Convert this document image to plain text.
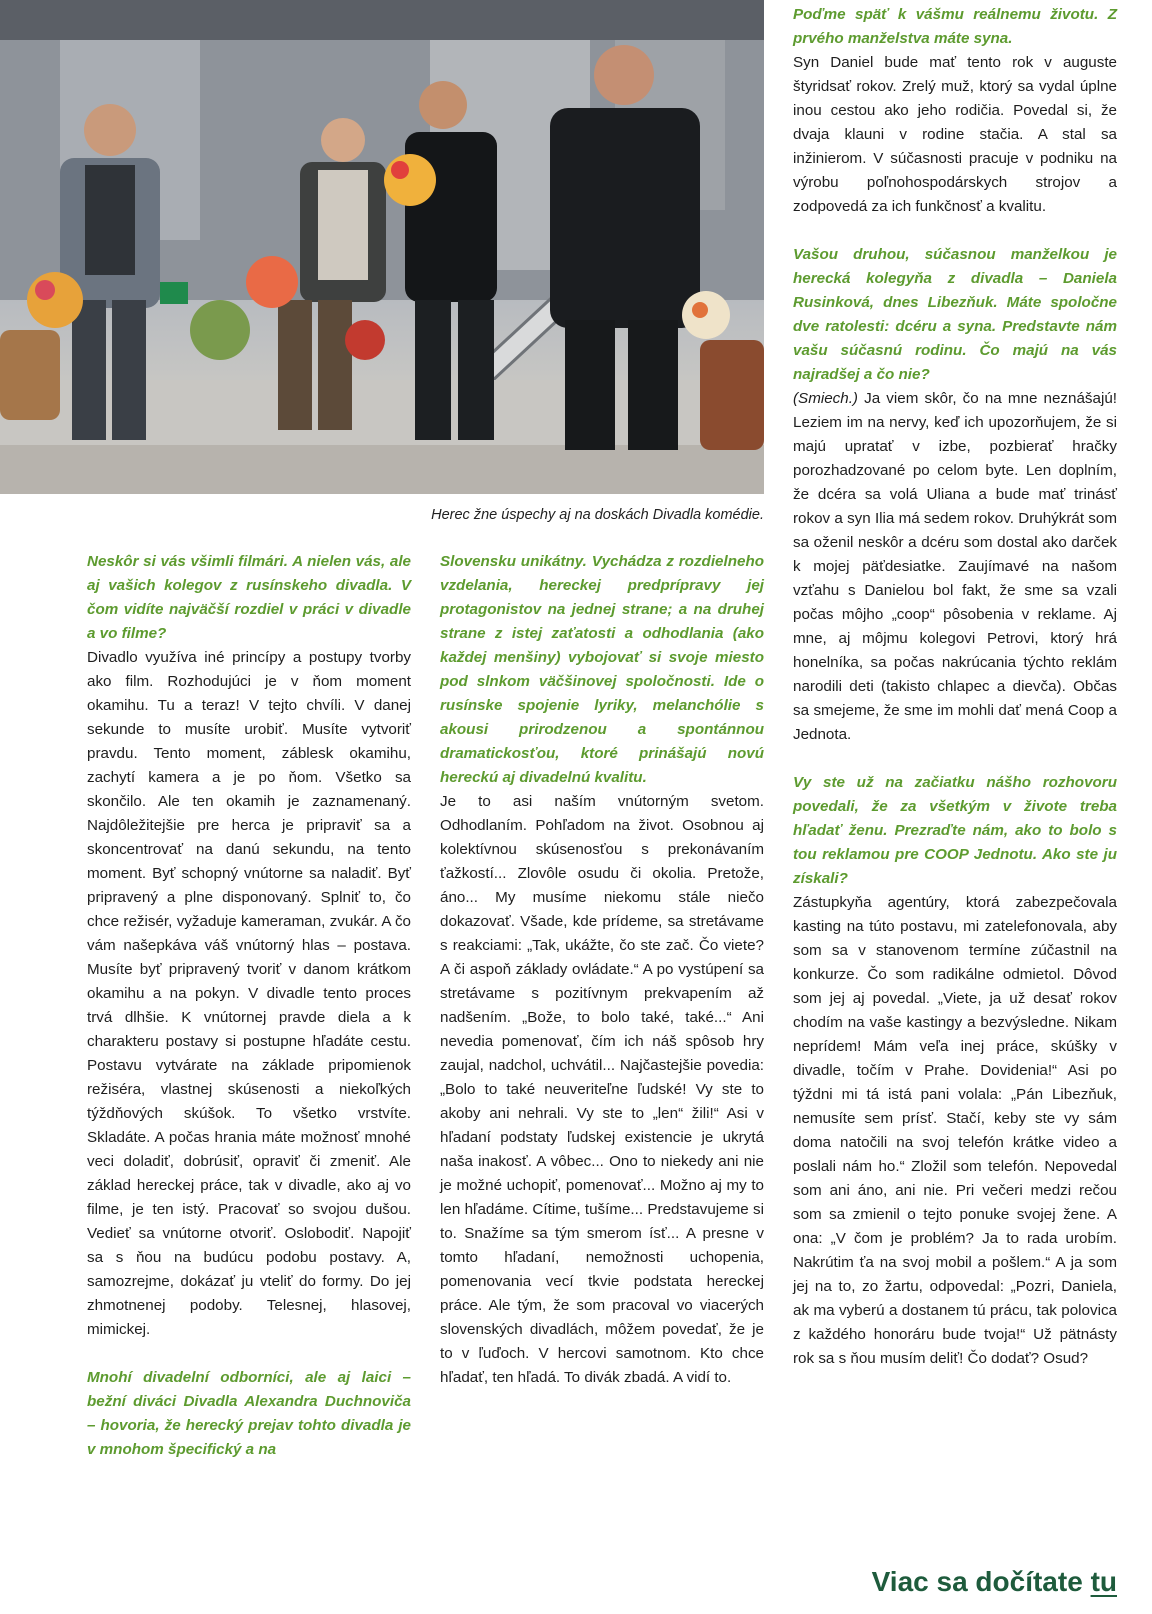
Herec žne úspechy aj na doskách Divadla komédie.

Neskôr si vás všimli filmári. A nielen vás, ale aj vašich kolegov z rusínskeho divadla. V čom vidíte najväčší rozdiel v práci v divadle a vo filme?

Divadlo využíva iné princípy a postupy tvorby ako film. Rozhodujúci je v ňom moment okamihu. Tu a teraz! V tejto chvíli. V danej sekunde to musíte urobiť. Musíte vytvoriť pravdu. Tento moment, záblesk okamihu, zachytí kamera a je po ňom. Všetko sa skončilo. Ale ten okamih je zaznamenaný. Najdôležitejšie pre herca je pripraviť sa a skoncentrovať na danú sekundu, na tento moment. Byť schopný vnútorne sa naladiť. Byť pripravený a plne disponovaný. Splniť to, čo chce režisér, vyžaduje kameraman, zvukár. A čo vám našepkáva váš vnútorný hlas – postava. Musíte byť pripravený tvoriť v danom krátkom okamihu a na pokyn. V divadle tento proces trvá dlhšie. K vnútornej pravde diela a k charakteru postavy si postupne hľadáte cestu. Postavu vytvárate na základe pripomienok režiséra, vlastnej skúsenosti a niekoľkých týždňových skúšok. To všetko vrstvíte. Skladáte. A počas hrania máte možnosť mnohé veci doladiť, dobrúsiť, opraviť či zmeniť. Ale základ hereckej práce, tak v divadle, ako aj vo filme, je ten istý. Pracovať so svojou dušou. Vedieť sa vnútorne otvoriť. Oslobodiť. Napojiť sa s ňou na budúcu podobu postavy. A, samozrejme, dokázať ju vteliť do formy. Do jej zhmotnenej podoby. Telesnej, hlasovej, mimickej.

Mnohí divadelní odborníci, ale aj laici – bežní diváci Divadla Alexandra Duchnoviča – hovoria, že herecký prejav tohto divadla je v mnohom špecifický a na

Slovensku unikátny. Vychádza z rozdielneho vzdelania, hereckej predprípravy jej protagonistov na jednej strane; a na druhej strane z istej zaťatosti a odhodlania (ako každej menšiny) vybojovať si svoje miesto pod slnkom väčšinovej spoločnosti. Ide o rusínske spojenie lyriky, melanchólie s akousi prirodzenou a spontánnou dramatickosťou, ktoré prinášajú novú hereckú aj divadelnú kvalitu.

Je to asi naším vnútorným svetom. Odhodlaním. Pohľadom na život. Osobnou aj kolektívnou skúsenosťou s prekonávaním ťažkostí... Zlovôle osudu či okolia. Pretože, áno... My musíme niekomu stále niečo dokazovať. Všade, kde prídeme, sa stretávame s reakciami: „Tak, ukážte, čo ste zač. Čo viete? A či aspoň základy ovládate.“ A po vystúpení sa stretávame s pozitívnym prekvapením až nadšením. „Bože, to bolo také, také...“ Ani nevedia pomenovať, čím ich náš spôsob hry zaujal, nadchol, uchvátil... Najčastejšie povedia: „Bolo to také neuveriteľne ľudské! Vy ste to akoby ani nehrali. Vy ste to „len“ žili!“ Asi v hľadaní podstaty ľudskej existencie je ukrytá naša inakosť. A vôbec... Ono to niekedy ani nie je možné uchopiť, pomenovať... Možno aj my to len hľadáme. Cítime, tušíme... Predstavujeme si to. Snažíme sa tým smerom ísť... A presne v tomto hľadaní, nemožnosti uchopenia, pomenovania vecí tkvie podstata hereckej práce. Ale tým, že som pracoval vo viacerých slovenských divadlách, môžem povedať, že je to v ľuďoch. V hercovi samotnom. Kto chce hľadať, ten hľadá. To divák zbadá. A vidí to.

Poďme späť k vášmu reálnemu životu. Z prvého manželstva máte syna.

Syn Daniel bude mať tento rok v auguste štyridsať rokov. Zrelý muž, ktorý sa vydal úplne inou cestou ako jeho rodičia. Povedal si, že dvaja klauni v rodine stačia. A stal sa inžinierom. V súčasnosti pracuje v podniku na výrobu poľnohospodárskych strojov a zodpovedá za ich funkčnosť a kvalitu.

Vašou druhou, súčasnou manželkou je herecká kolegyňa z divadla – Daniela Rusinková, dnes Libezňuk. Máte spoločne dve ratolesti: dcéru a syna. Predstavte nám vašu súčasnú rodinu. Čo majú na vás najradšej a čo nie?

(Smiech.) Ja viem skôr, čo na mne neznášajú! Leziem im na nervy, keď ich upozorňujem, že si majú upratať v izbe, pozbierať hračky porozhadzované po celom byte. Len doplním, že dcéra sa volá Uliana a bude mať trinásť rokov a syn Ilia má sedem rokov. Druhýkrát som sa oženil neskôr a dcéru som dostal ako darček k mojej päťdesiatke. Zaujímavé na našom vzťahu s Danielou bol fakt, že sme sa vzali počas môjho „coop“ pôsobenia v reklame. Aj mne, aj môjmu kolegovi Petrovi, ktorý hrá honelníka, sa počas nakrúcania týchto reklám narodili deti (takisto chlapec a dievča). Občas sa smejeme, že sme im mohli dať mená Coop a Jednota.

Vy ste už na začiatku nášho rozhovoru povedali, že za všetkým v živote treba hľadať ženu. Prezraďte nám, ako to bolo s tou reklamou pre COOP Jednotu. Ako ste ju získali?

Zástupkyňa agentúry, ktorá zabezpečovala kasting na túto postavu, mi zatelefonovala, aby som sa v stanovenom termíne zúčastnil na konkurze. Čo som radikálne odmietol. Dôvod som jej aj povedal. „Viete, ja už desať rokov chodím na vaše kastingy a bezvýsledne. Nikam neprídem! Mám veľa inej práce, skúšky v divadle, točím v Prahe. Dovidenia!“ Asi po týždni mi tá istá pani volala: „Pán Libezňuk, nemusíte sem prísť. Stačí, keby ste vy sám doma natočili na svoj telefón krátke video a poslali nám ho.“ Zložil som telefón. Nepovedal som ani áno, ani nie. Pri večeri medzi rečou som sa zmienil o tejto ponuke svojej žene. A ona: „V čom je problém? Ja to rada urobím. Nakrútim ťa na svoj mobil a pošlem.“ A ja som jej na to, zo žartu, odpovedal: „Pozri, Daniela, ak ma vyberú a dostanem tú prácu, tak polovica z každého honoráru bude tvoja!“ Už pätnásty rok sa s ňou musím deliť! Čo dodať? Osud?

Viac sa dočítate tu
